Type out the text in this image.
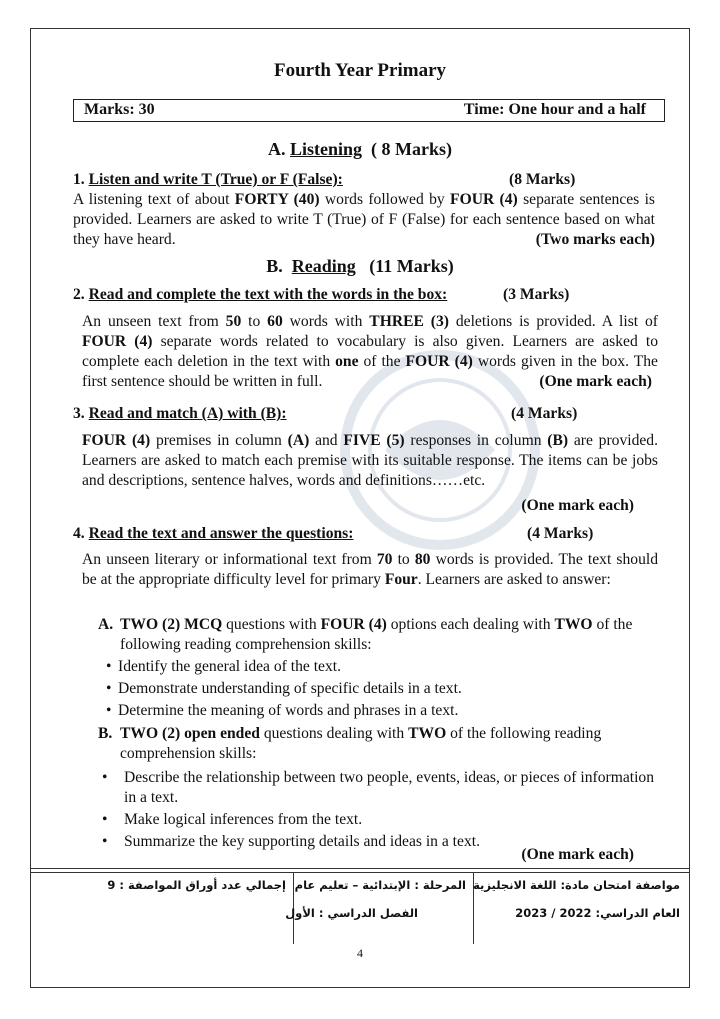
Fourth Year Primary
Marks: 30	Time: One hour and a half
A. Listening ( 8 Marks)
1. Listen and write T (True) or F (False):	(8 Marks)
A listening text of about FORTY (40) words followed by FOUR (4) separate sentences is provided. Learners are asked to write T (True) of F (False) for each sentence based on what they have heard.	(Two marks each)
B. Reading (11 Marks)
2. Read and complete the text with the words in the box:	(3 Marks)
An unseen text from 50 to 60 words with THREE (3) deletions is provided. A list of FOUR (4) separate words related to vocabulary is also given. Learners are asked to complete each deletion in the text with one of the FOUR (4) words given in the box. The first sentence should be written in full.	(One mark each)
3. Read and match (A) with (B):	(4 Marks)
FOUR (4) premises in column (A) and FIVE (5) responses in column (B) are provided. Learners are asked to match each premise with its suitable response. The items can be jobs and descriptions, sentence halves, words and definitions……etc.
(One mark each)
4. Read the text and answer the questions:	(4 Marks)
An unseen literary or informational text from 70 to 80 words is provided. The text should be at the appropriate difficulty level for primary Four. Learners are asked to answer:
A. TWO (2) MCQ questions with FOUR (4) options each dealing with TWO of the following reading comprehension skills:
• Identify the general idea of the text.
• Demonstrate understanding of specific details in a text.
• Determine the meaning of words and phrases in a text.
B. TWO (2) open ended questions dealing with TWO of the following reading comprehension skills:
• Describe the relationship between two people, events, ideas, or pieces of information in a text.
• Make logical inferences from the text.
• Summarize the key supporting details and ideas in a text.
(One mark each)
مواصفة امتحان مادة: اللغة الانجليزية
العام الدراسي: 2022 / 2023
المرحلة : الإبتدائية – تعليم عام
الفصل الدراسي : الأول
إجمالي عدد أوراق المواصفة : 9
4
